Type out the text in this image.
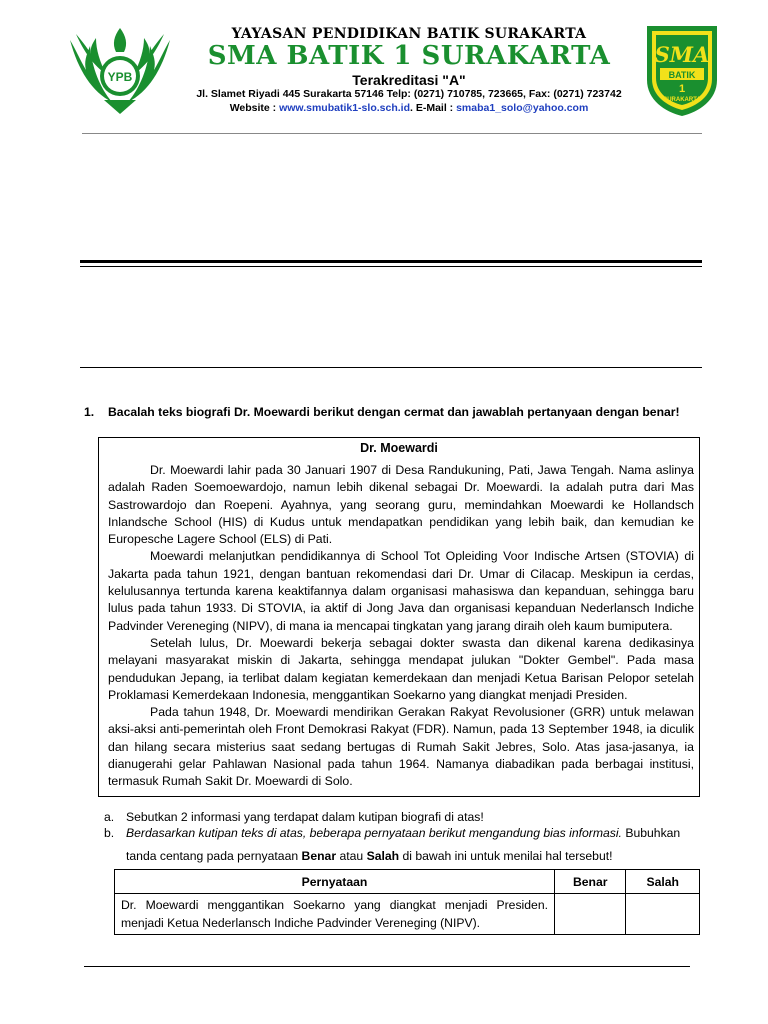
YPB
YAYASAN PENDIDIKAN BATIK SURAKARTA
SMA BATIK 1 SURAKARTA
Terakreditasi "A"
Jl. Slamet Riyadi 445 Surakarta 57146 Telp: (0271) 710785, 723665, Fax: (0271) 723742
Website : www.smubatik1-slo.sch.id. E-Mail : smaba1_solo@yahoo.com
SMA
BATIK
1
SURAKARTA
1. Bacalah teks biografi Dr. Moewardi berikut dengan cermat dan jawablah pertanyaan dengan benar!
Dr. Moewardi

Dr. Moewardi lahir pada 30 Januari 1907 di Desa Randukuning, Pati, Jawa Tengah. Nama aslinya adalah Raden Soemoewardojo, namun lebih dikenal sebagai Dr. Moewardi. Ia adalah putra dari Mas Sastrowardojo dan Roepeni. Ayahnya, yang seorang guru, memindahkan Moewardi ke Hollandsch Inlandsche School (HIS) di Kudus untuk mendapatkan pendidikan yang lebih baik, dan kemudian ke Europesche Lagere School (ELS) di Pati.

Moewardi melanjutkan pendidikannya di School Tot Opleiding Voor Indische Artsen (STOVIA) di Jakarta pada tahun 1921, dengan bantuan rekomendasi dari Dr. Umar di Cilacap. Meskipun ia cerdas, kelulusannya tertunda karena keaktifannya dalam organisasi mahasiswa dan kepanduan, sehingga baru lulus pada tahun 1933. Di STOVIA, ia aktif di Jong Java dan organisasi kepanduan Nederlansch Indiche Padvinder Vereneging (NIPV), di mana ia mencapai tingkatan yang jarang diraih oleh kaum bumiputera.

Setelah lulus, Dr. Moewardi bekerja sebagai dokter swasta dan dikenal karena dedikasinya melayani masyarakat miskin di Jakarta, sehingga mendapat julukan "Dokter Gembel". Pada masa pendudukan Jepang, ia terlibat dalam kegiatan kemerdekaan dan menjadi Ketua Barisan Pelopor setelah Proklamasi Kemerdekaan Indonesia, menggantikan Soekarno yang diangkat menjadi Presiden.

Pada tahun 1948, Dr. Moewardi mendirikan Gerakan Rakyat Revolusioner (GRR) untuk melawan aksi-aksi anti-pemerintah oleh Front Demokrasi Rakyat (FDR). Namun, pada 13 September 1948, ia diculik dan hilang secara misterius saat sedang bertugas di Rumah Sakit Jebres, Solo. Atas jasa-jasanya, ia dianugerahi gelar Pahlawan Nasional pada tahun 1964. Namanya diabadikan pada berbagai institusi, termasuk Rumah Sakit Dr. Moewardi di Solo.

a. Sebutkan 2 informasi yang terdapat dalam kutipan biografi di atas!
b. Berdasarkan kutipan teks di atas, beberapa pernyataan berikut mengandung bias informasi. Bubuhkan
tanda centang pada pernyataan Benar atau Salah di bawah ini untuk menilai hal tersebut!
Pernyataan	Benar	Salah
Dr. Moewardi menggantikan Soekarno yang diangkat menjadi Presiden. menjadi Ketua Nederlansch Indiche Padvinder Vereneging (NIPV).		
